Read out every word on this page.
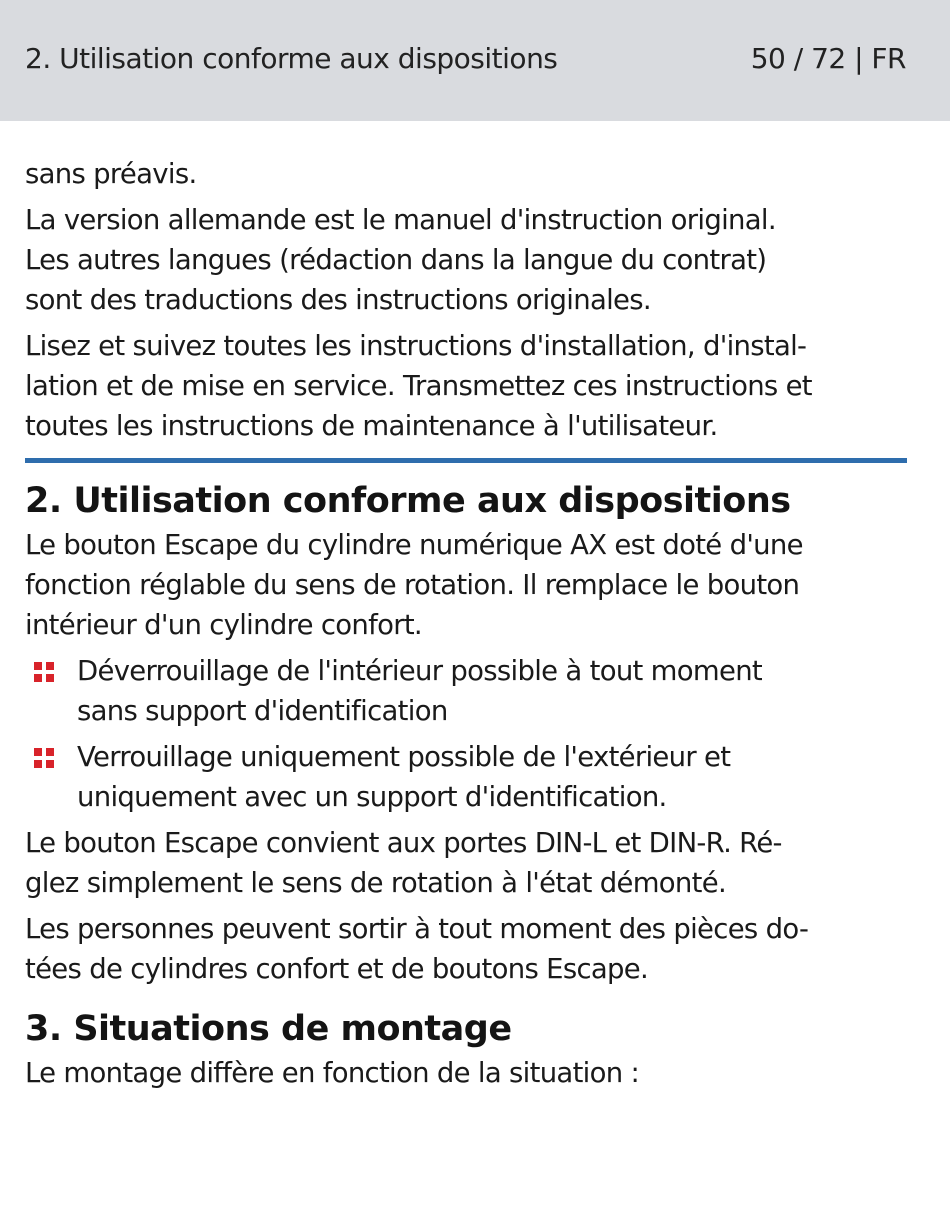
2. Utilisation conforme aux dispositions	50 / 72 | FR

sans préavis.

La version allemande est le manuel d'instruction original.
Les autres langues (rédaction dans la langue du contrat)
sont des traductions des instructions originales.

Lisez et suivez toutes les instructions d'installation, d'instal-
lation et de mise en service. Transmettez ces instructions et
toutes les instructions de maintenance à l'utilisateur.

2. Utilisation conforme aux dispositions

Le bouton Escape du cylindre numérique AX est doté d'une
fonction réglable du sens de rotation. Il remplace le bouton
intérieur d'un cylindre confort.

Déverrouillage de l'intérieur possible à tout moment
sans support d'identification

Verrouillage uniquement possible de l'extérieur et
uniquement avec un support d'identification.

Le bouton Escape convient aux portes DIN-L et DIN-R. Ré-
glez simplement le sens de rotation à l'état démonté.

Les personnes peuvent sortir à tout moment des pièces do-
tées de cylindres confort et de boutons Escape.

3. Situations de montage

Le montage diffère en fonction de la situation :
